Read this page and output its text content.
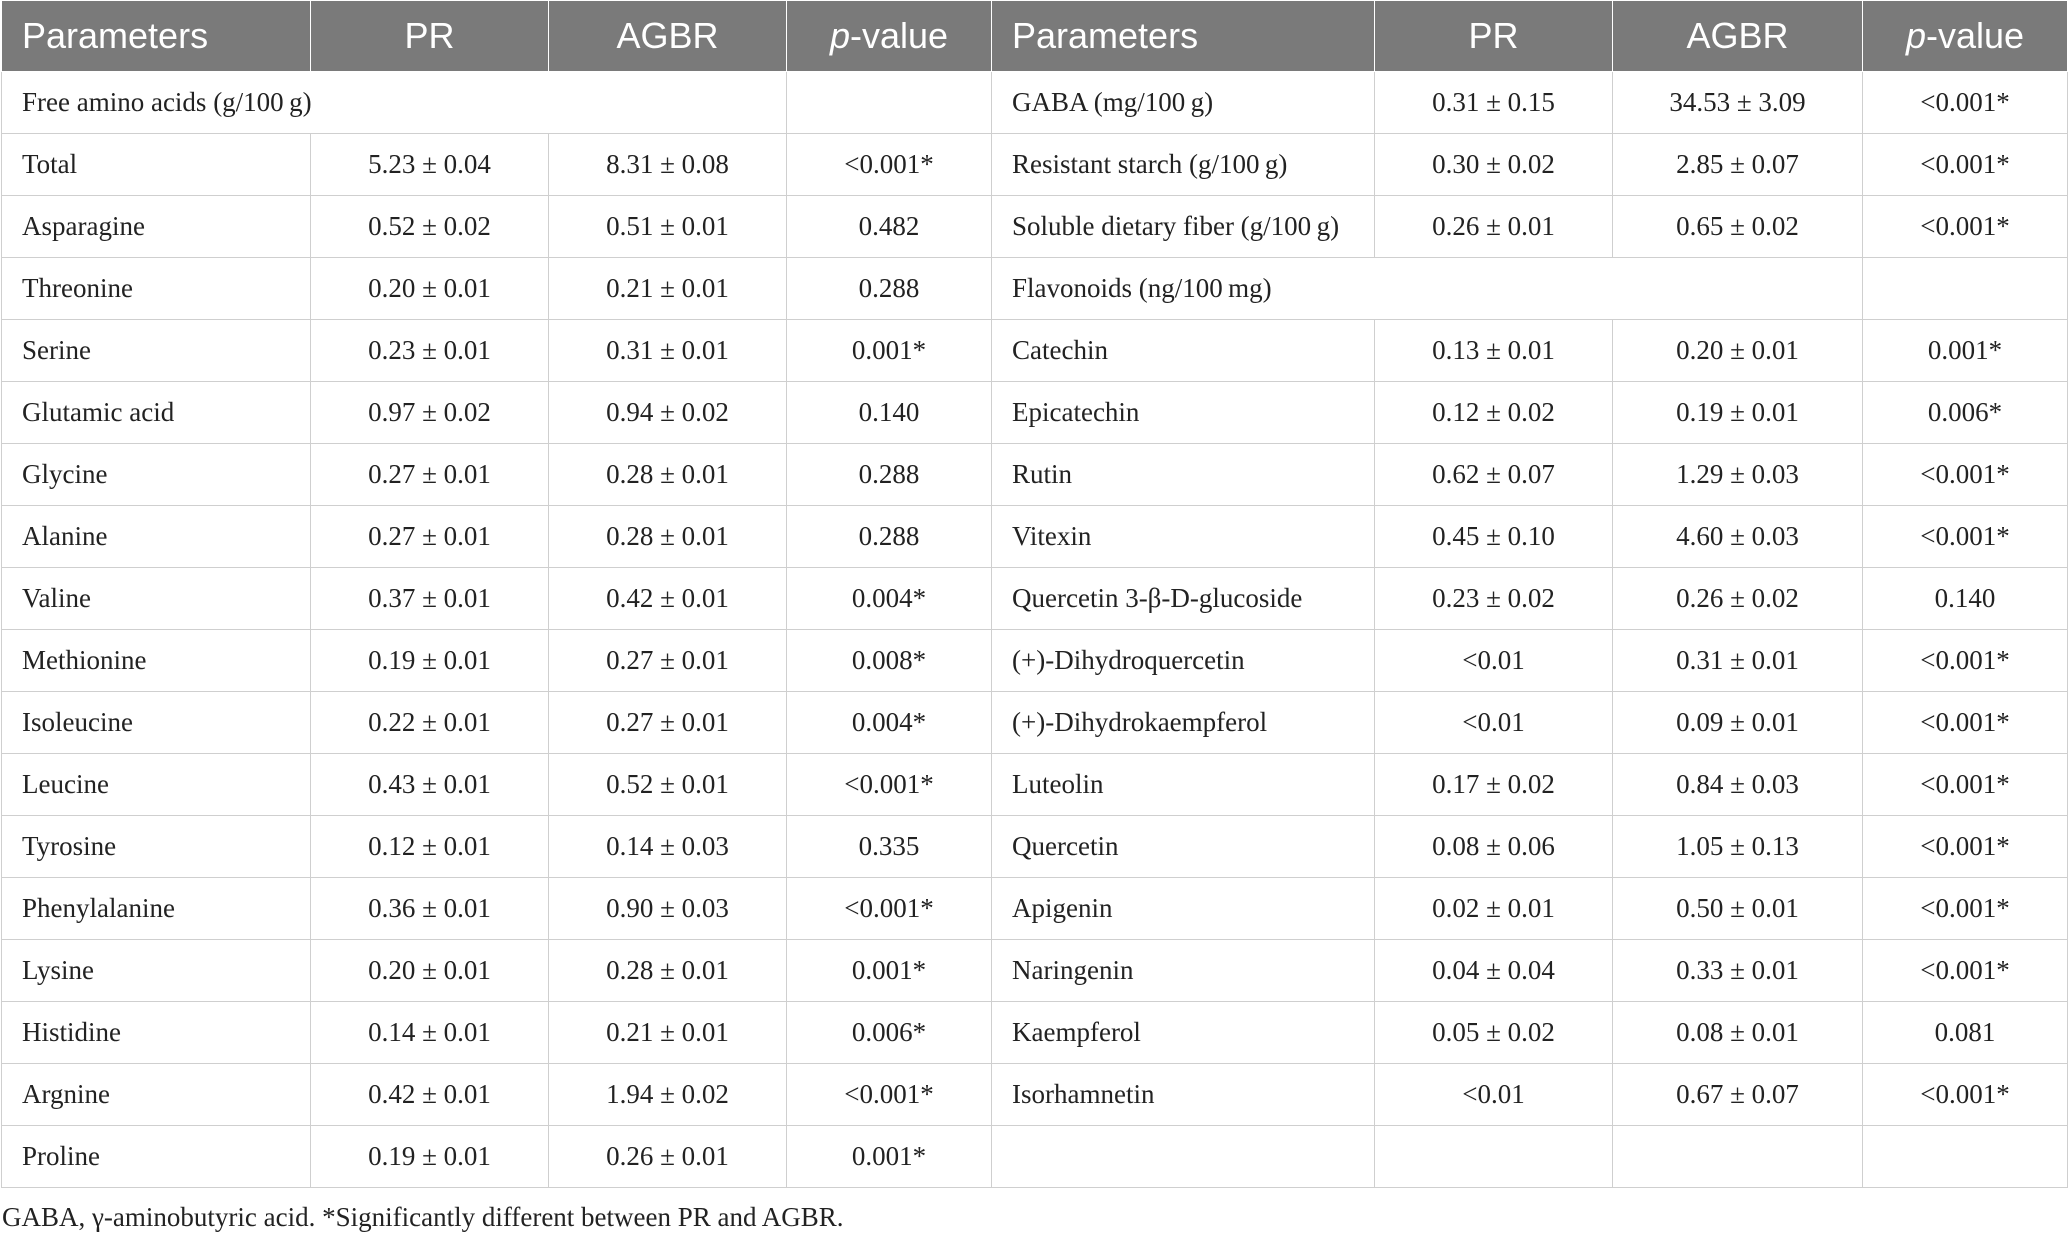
Parameters	PR	AGBR	p-value	Parameters	PR	AGBR	p-value
Free amino acids (g/100 g)				GABA (mg/100 g)	0.31 ± 0.15	34.53 ± 3.09	<0.001*
Total	5.23 ± 0.04	8.31 ± 0.08	<0.001*	Resistant starch (g/100 g)	0.30 ± 0.02	2.85 ± 0.07	<0.001*
Asparagine	0.52 ± 0.02	0.51 ± 0.01	0.482	Soluble dietary fiber (g/100 g)	0.26 ± 0.01	0.65 ± 0.02	<0.001*
Threonine	0.20 ± 0.01	0.21 ± 0.01	0.288	Flavonoids (ng/100 mg)			
Serine	0.23 ± 0.01	0.31 ± 0.01	0.001*	Catechin	0.13 ± 0.01	0.20 ± 0.01	0.001*
Glutamic acid	0.97 ± 0.02	0.94 ± 0.02	0.140	Epicatechin	0.12 ± 0.02	0.19 ± 0.01	0.006*
Glycine	0.27 ± 0.01	0.28 ± 0.01	0.288	Rutin	0.62 ± 0.07	1.29 ± 0.03	<0.001*
Alanine	0.27 ± 0.01	0.28 ± 0.01	0.288	Vitexin	0.45 ± 0.10	4.60 ± 0.03	<0.001*
Valine	0.37 ± 0.01	0.42 ± 0.01	0.004*	Quercetin 3-β-D-glucoside	0.23 ± 0.02	0.26 ± 0.02	0.140
Methionine	0.19 ± 0.01	0.27 ± 0.01	0.008*	(+)-Dihydroquercetin	<0.01	0.31 ± 0.01	<0.001*
Isoleucine	0.22 ± 0.01	0.27 ± 0.01	0.004*	(+)-Dihydrokaempferol	<0.01	0.09 ± 0.01	<0.001*
Leucine	0.43 ± 0.01	0.52 ± 0.01	<0.001*	Luteolin	0.17 ± 0.02	0.84 ± 0.03	<0.001*
Tyrosine	0.12 ± 0.01	0.14 ± 0.03	0.335	Quercetin	0.08 ± 0.06	1.05 ± 0.13	<0.001*
Phenylalanine	0.36 ± 0.01	0.90 ± 0.03	<0.001*	Apigenin	0.02 ± 0.01	0.50 ± 0.01	<0.001*
Lysine	0.20 ± 0.01	0.28 ± 0.01	0.001*	Naringenin	0.04 ± 0.04	0.33 ± 0.01	<0.001*
Histidine	0.14 ± 0.01	0.21 ± 0.01	0.006*	Kaempferol	0.05 ± 0.02	0.08 ± 0.01	0.081
Argnine	0.42 ± 0.01	1.94 ± 0.02	<0.001*	Isorhamnetin	<0.01	0.67 ± 0.07	<0.001*
Proline	0.19 ± 0.01	0.26 ± 0.01	0.001*				
GABA, γ-aminobutyric acid. *Significantly different between PR and AGBR.
